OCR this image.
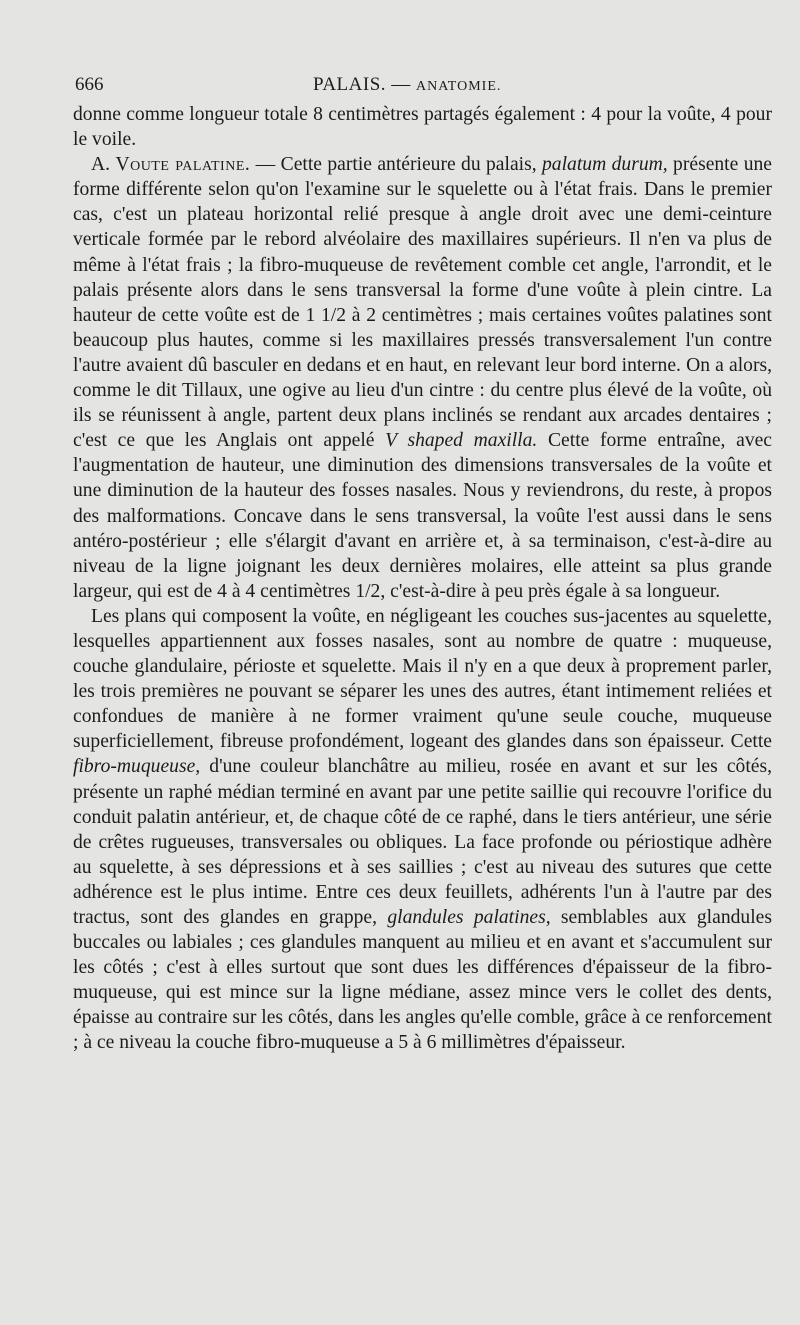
666	PALAIS. — ANATOMIE.

donne comme longueur totale 8 centimètres partagés également : 4 pour la voûte, 4 pour le voile.

A. Voute palatine. — Cette partie antérieure du palais, palatum durum, présente une forme différente selon qu'on l'examine sur le squelette ou à l'état frais. Dans le premier cas, c'est un plateau horizontal relié presque à angle droit avec une demi-ceinture verticale formée par le rebord alvéolaire des maxillaires supérieurs. Il n'en va plus de même à l'état frais ; la fibro-muqueuse de revêtement comble cet angle, l'arrondit, et le palais présente alors dans le sens transversal la forme d'une voûte à plein cintre. La hauteur de cette voûte est de 1 1/2 à 2 centimètres ; mais certaines voûtes palatines sont beaucoup plus hautes, comme si les maxillaires pressés transversalement l'un contre l'autre avaient dû basculer en dedans et en haut, en relevant leur bord interne. On a alors, comme le dit Tillaux, une ogive au lieu d'un cintre : du centre plus élevé de la voûte, où ils se réunissent à angle, partent deux plans inclinés se rendant aux arcades dentaires ; c'est ce que les Anglais ont appelé V shaped maxilla. Cette forme entraîne, avec l'augmentation de hauteur, une diminution des dimensions transversales de la voûte et une diminution de la hauteur des fosses nasales. Nous y reviendrons, du reste, à propos des malformations. Concave dans le sens transversal, la voûte l'est aussi dans le sens antéro-postérieur ; elle s'élargit d'avant en arrière et, à sa terminaison, c'est-à-dire au niveau de la ligne joignant les deux dernières molaires, elle atteint sa plus grande largeur, qui est de 4 à 4 centimètres 1/2, c'est-à-dire à peu près égale à sa longueur.

Les plans qui composent la voûte, en négligeant les couches sus-jacentes au squelette, lesquelles appartiennent aux fosses nasales, sont au nombre de quatre : muqueuse, couche glandulaire, périoste et squelette. Mais il n'y en a que deux à proprement parler, les trois premières ne pouvant se séparer les unes des autres, étant intimement reliées et confondues de manière à ne former vraiment qu'une seule couche, muqueuse superficiellement, fibreuse profondément, logeant des glandes dans son épaisseur. Cette fibro-muqueuse, d'une couleur blanchâtre au milieu, rosée en avant et sur les côtés, présente un raphé médian terminé en avant par une petite saillie qui recouvre l'orifice du conduit palatin antérieur, et, de chaque côté de ce raphé, dans le tiers antérieur, une série de crêtes rugueuses, transversales ou obliques. La face profonde ou périostique adhère au squelette, à ses dépressions et à ses saillies ; c'est au niveau des sutures que cette adhérence est le plus intime. Entre ces deux feuillets, adhérents l'un à l'autre par des tractus, sont des glandes en grappe, glandules palatines, semblables aux glandules buccales ou labiales ; ces glandules manquent au milieu et en avant et s'accumulent sur les côtés ; c'est à elles surtout que sont dues les différences d'épaisseur de la fibro-muqueuse, qui est mince sur la ligne médiane, assez mince vers le collet des dents, épaisse au contraire sur les côtés, dans les angles qu'elle comble, grâce à ce renforcement ; à ce niveau la couche fibro-muqueuse a 5 à 6 millimètres d'épaisseur.
